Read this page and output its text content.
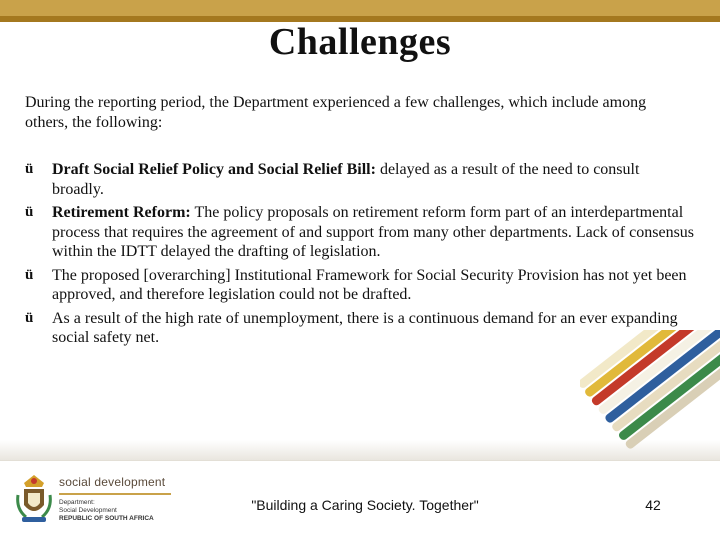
Challenges
During the reporting period, the Department experienced a few challenges, which include among others, the following:
ü Draft Social Relief Policy and Social Relief Bill: delayed as a result of the need to consult broadly.
ü Retirement Reform: The policy proposals on retirement reform form part of an interdepartmental process that requires the agreement of and support from many other departments. Lack of consensus within the IDTT delayed the drafting of legislation.
ü The proposed [overarching] Institutional Framework for Social Security Provision has not yet been approved, and therefore legislation could not be drafted.
ü As a result of the high rate of unemployment, there is a continuous demand for an ever expanding social safety net.
social development
Department:
Social Development
REPUBLIC OF SOUTH AFRICA
"Building a Caring Society. Together"	42
